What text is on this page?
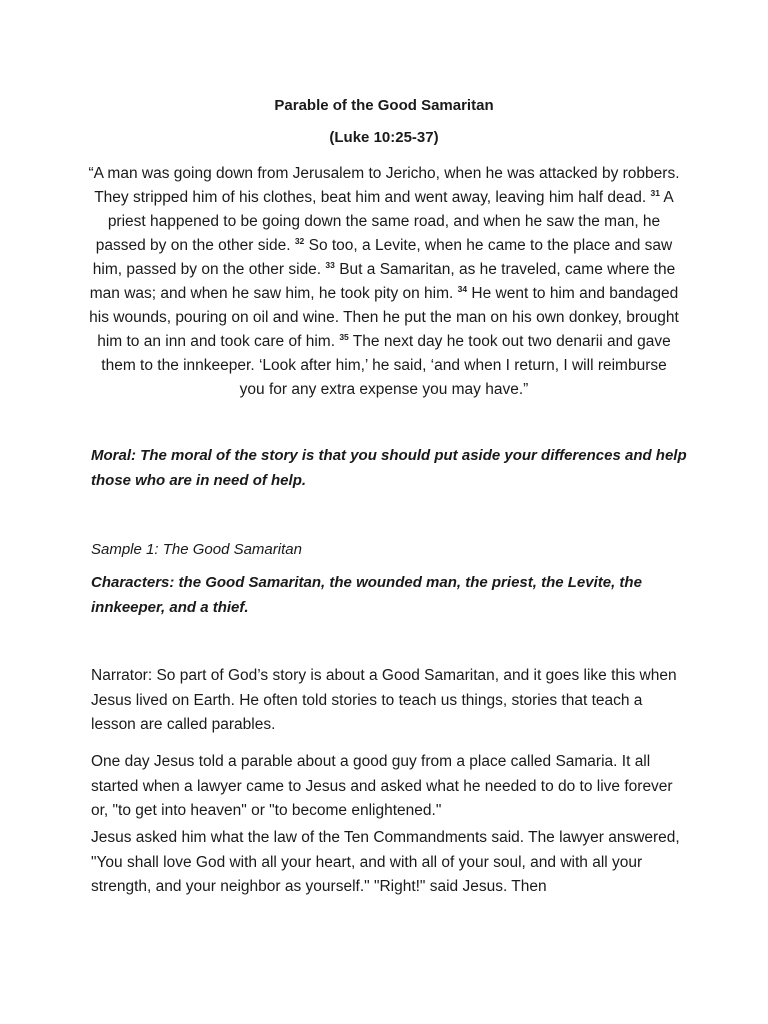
Parable of the Good Samaritan
(Luke 10:25-37)
“A man was going down from Jerusalem to Jericho, when he was attacked by robbers. They stripped him of his clothes, beat him and went away, leaving him half dead. $^{31}$ A priest happened to be going down the same road, and when he saw the man, he passed by on the other side. $^{32}$ So too, a Levite, when he came to the place and saw him, passed by on the other side. $^{33}$ But a Samaritan, as he traveled, came where the man was; and when he saw him, he took pity on him. $^{34}$ He went to him and bandaged his wounds, pouring on oil and wine. Then he put the man on his own donkey, brought him to an inn and took care of him. $^{35}$ The next day he took out two denarii and gave them to the innkeeper. ‘Look after him,’ he said, ‘and when I return, I will reimburse you for any extra expense you may have.”
Moral: The moral of the story is that you should put aside your differences and help those who are in need of help.
Sample 1: The Good Samaritan
Characters: the Good Samaritan, the wounded man, the priest, the Levite, the innkeeper, and a thief.
Narrator: So part of God’s story is about a Good Samaritan, and it goes like this when Jesus lived on Earth. He often told stories to teach us things, stories that teach a lesson are called parables.
One day Jesus told a parable about a good guy from a place called Samaria. It all started when a lawyer came to Jesus and asked what he needed to do to live forever or, "to get into heaven" or "to become enlightened."
Jesus asked him what the law of the Ten Commandments said. The lawyer answered, "You shall love God with all your heart, and with all of your soul, and with all your strength, and your neighbor as yourself." "Right!" said Jesus. Then
